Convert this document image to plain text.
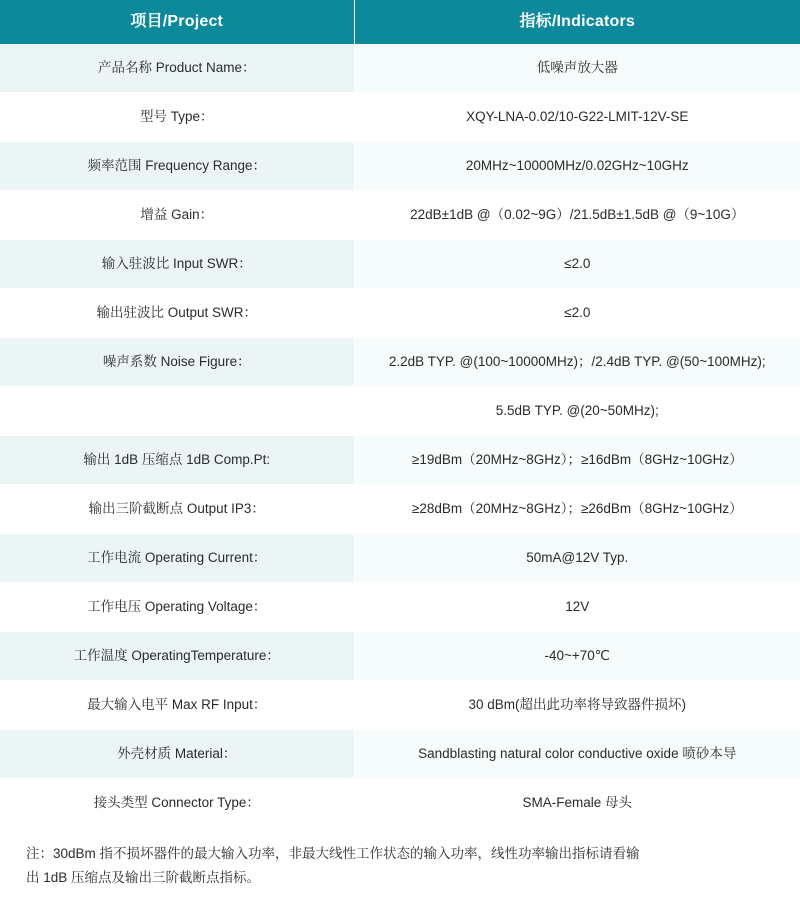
项目/Project	指标/Indicators
产品名称 Product Name：	低噪声放大器
型号 Type：	XQY-LNA-0.02/10-G22-LMIT-12V-SE
频率范围 Frequency Range：	20MHz~10000MHz/0.02GHz~10GHz
增益 Gain：	22dB±1dB @（0.02~9G）/21.5dB±1.5dB @（9~10G）
输入驻波比 Input SWR：	≤2.0
输出驻波比 Output SWR：	≤2.0
噪声系数 Noise Figure：	2.2dB TYP. @(100~10000MHz)；/2.4dB TYP. @(50~100MHz);
	5.5dB TYP. @(20~50MHz);
输出 1dB 压缩点 1dB Comp.Pt:	≥19dBm（20MHz~8GHz）；≥16dBm（8GHz~10GHz）
输出三阶截断点 Output IP3：	≥28dBm（20MHz~8GHz）；≥26dBm（8GHz~10GHz）
工作电流 Operating Current：	50mA@12V Typ.
工作电压 Operating Voltage：	12V
工作温度 OperatingTemperature：	-40~+70℃
最大输入电平 Max RF Input：	30 dBm(超出此功率将导致器件损坏)
外壳材质 Material：	Sandblasting natural color conductive oxide 喷砂本导
接头类型 Connector Type：	SMA-Female 母头
注：30dBm 指不损坏器件的最大输入功率，非最大线性工作状态的输入功率，线性功率输出指标请看输
出 1dB 压缩点及输出三阶截断点指标。
